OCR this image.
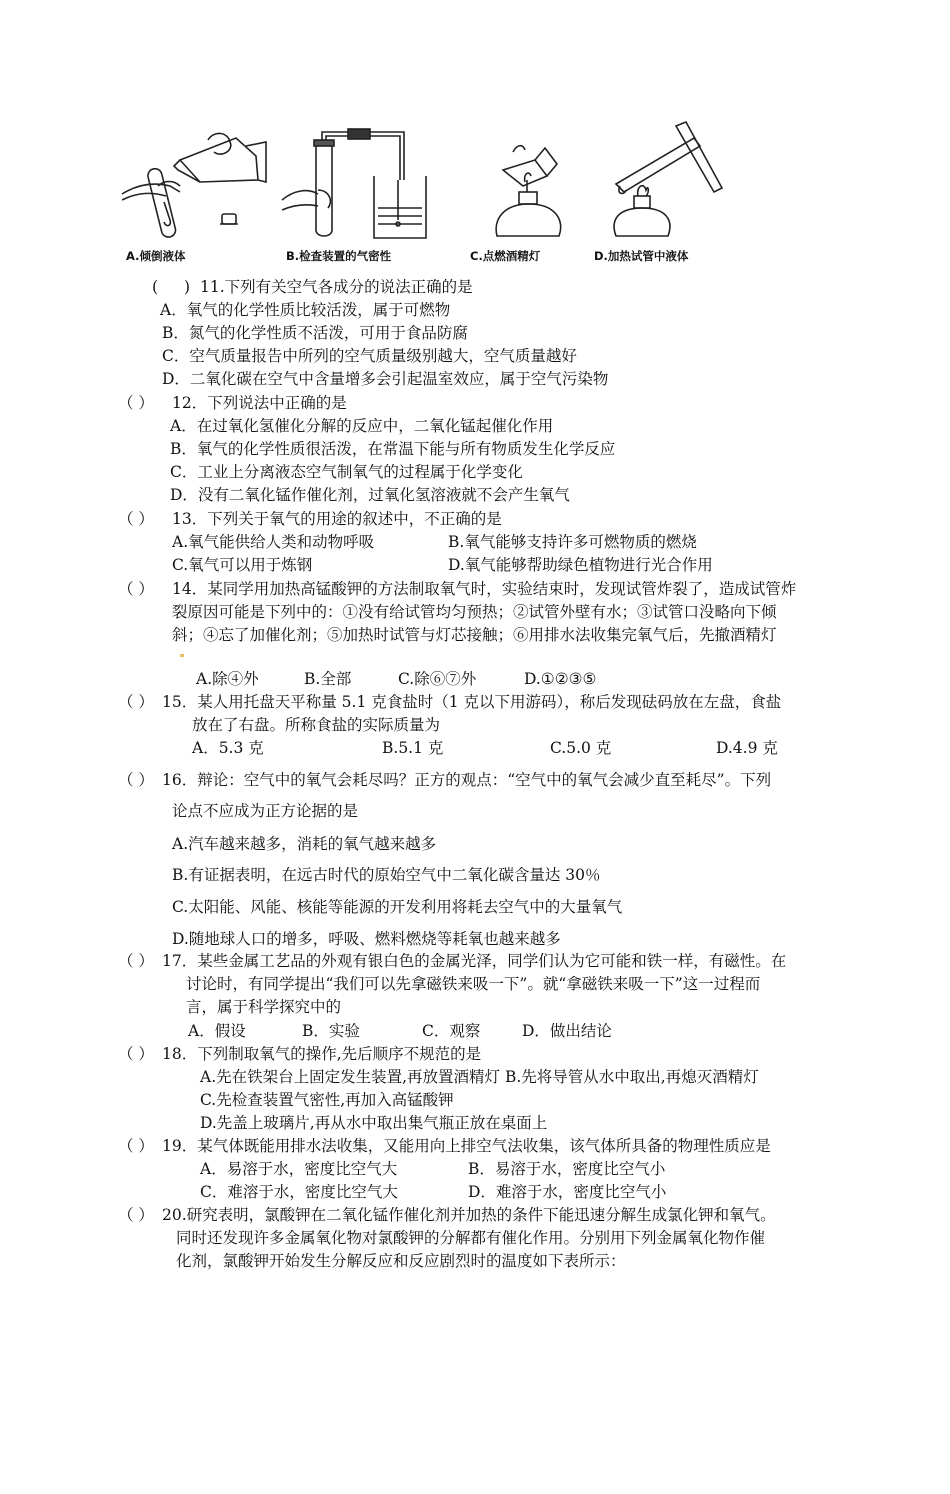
A.倾倒液体	B.检查装置的气密性	C.点燃酒精灯	D.加热试管中液体
( ) 11.下列有关空气各成分的说法正确的是
A．氧气的化学性质比较活泼，属于可燃物
B．氮气的化学性质不活泼，可用于食品防腐
C．空气质量报告中所列的空气质量级别越大，空气质量越好
D．二氧化碳在空气中含量增多会引起温室效应，属于空气污染物
（ ） 12．下列说法中正确的是
A．在过氧化氢催化分解的反应中，二氧化锰起催化作用
B．氧气的化学性质很活泼，在常温下能与所有物质发生化学反应
C．工业上分离液态空气制氧气的过程属于化学变化
D．没有二氧化锰作催化剂，过氧化氢溶液就不会产生氧气
（ ） 13．下列关于氧气的用途的叙述中，不正确的是
A.氧气能供给人类和动物呼吸	B.氧气能够支持许多可燃物质的燃烧
C.氧气可以用于炼钢	D.氧气能够帮助绿色植物进行光合作用
（ ） 14．某同学用加热高锰酸钾的方法制取氧气时，实验结束时，发现试管炸裂了，造成试管炸
裂原因可能是下列中的：①没有给试管均匀预热；②试管外壁有水；③试管口没略向下倾
斜；④忘了加催化剂；⑤加热时试管与灯芯接触；⑥用排水法收集完氧气后，先撤酒精灯
A.除④外	B.全部	C.除⑥⑦外	D.①②③⑤
（ ） 15．某人用托盘天平称量 5.1 克食盐时（1 克以下用游码），称后发现砝码放在左盘，食盐
放在了右盘。所称食盐的实际质量为
A．5.3 克	B.5.1 克	C.5.0 克	D.4.9 克
（ ） 16．辩论：空气中的氧气会耗尽吗？正方的观点：“空气中的氧气会减少直至耗尽”。下列
论点不应成为正方论据的是
A.汽车越来越多，消耗的氧气越来越多
B.有证据表明，在远古时代的原始空气中二氧化碳含量达 30％
C.太阳能、风能、核能等能源的开发利用将耗去空气中的大量氧气
D.随地球人口的增多，呼吸、燃料燃烧等耗氧也越来越多
（ ） 17．某些金属工艺品的外观有银白色的金属光泽，同学们认为它可能和铁一样，有磁性。在
讨论时，有同学提出“我们可以先拿磁铁来吸一下”。就“拿磁铁来吸一下”这一过程而
言，属于科学探究中的
A．假设	B．实验	C．观察	D．做出结论
（ ） 18．下列制取氧气的操作,先后顺序不规范的是
A.先在铁架台上固定发生装置,再放置酒精灯 B.先将导管从水中取出,再熄灭酒精灯
C.先检查装置气密性,再加入高锰酸钾
D.先盖上玻璃片,再从水中取出集气瓶正放在桌面上
（ ） 19．某气体既能用排水法收集，又能用向上排空气法收集，该气体所具备的物理性质应是
A．易溶于水，密度比空气大	B．易溶于水，密度比空气小
C．难溶于水，密度比空气大	D．难溶于水，密度比空气小
（ ） 20.研究表明，氯酸钾在二氧化锰作催化剂并加热的条件下能迅速分解生成氯化钾和氧气。
同时还发现许多金属氧化物对氯酸钾的分解都有催化作用。分别用下列金属氧化物作催
化剂，氯酸钾开始发生分解反应和反应剧烈时的温度如下表所示：
